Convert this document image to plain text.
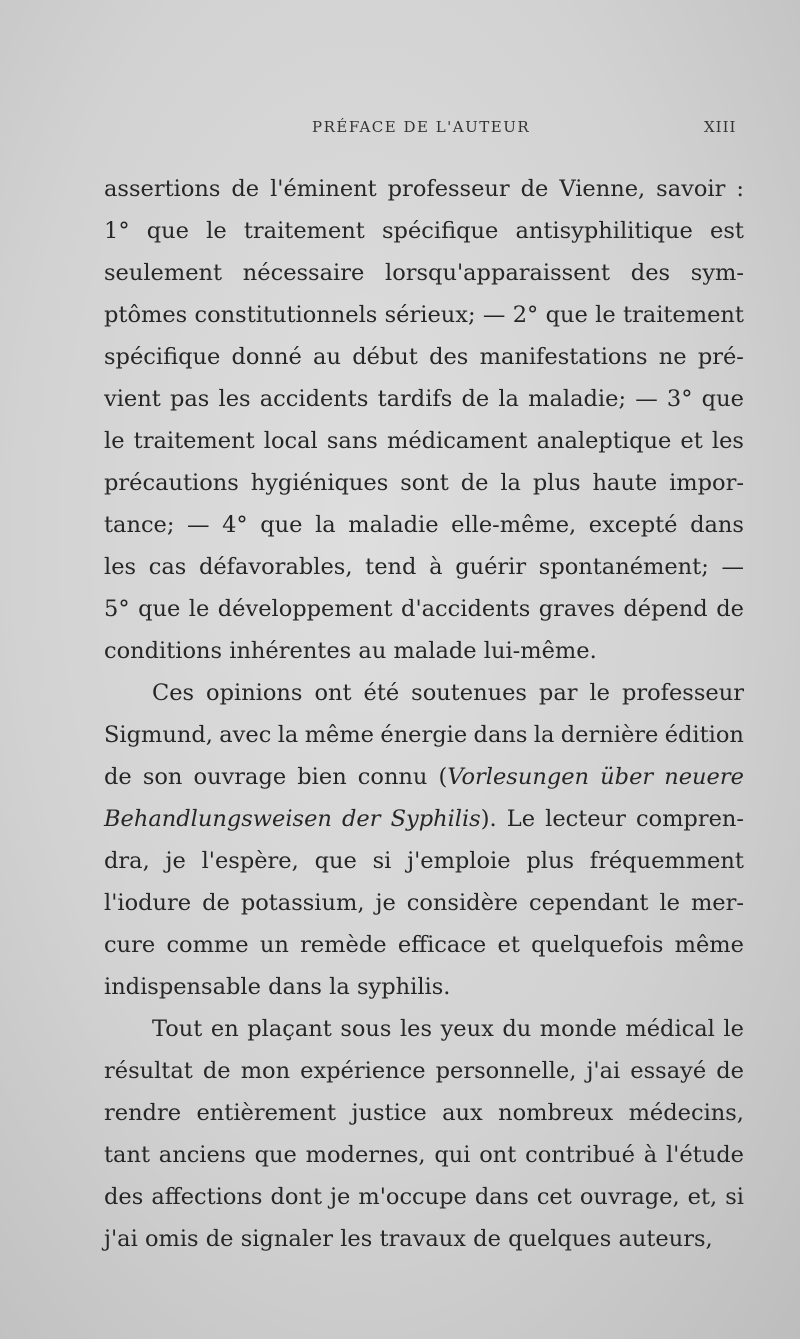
PRÉFACE DE L'AUTEUR	XIII
assertions de l'éminent professeur de Vienne, savoir :
1° que le traitement spécifique antisyphilitique est
seulement nécessaire lorsqu'apparaissent des sym-
ptômes constitutionnels sérieux; — 2° que le traitement
spécifique donné au début des manifestations ne pré-
vient pas les accidents tardifs de la maladie; — 3° que
le traitement local sans médicament analeptique et les
précautions hygiéniques sont de la plus haute impor-
tance; — 4° que la maladie elle-même, excepté dans
les cas défavorables, tend à guérir spontanément; —
5° que le développement d'accidents graves dépend de
conditions inhérentes au malade lui-même.
Ces opinions ont été soutenues par le professeur
Sigmund, avec la même énergie dans la dernière édition
de son ouvrage bien connu (Vorlesungen über neuere
Behandlungsweisen der Syphilis). Le lecteur compren-
dra, je l'espère, que si j'emploie plus fréquemment
l'iodure de potassium, je considère cependant le mer-
cure comme un remède efficace et quelquefois même
indispensable dans la syphilis.
Tout en plaçant sous les yeux du monde médical le
résultat de mon expérience personnelle, j'ai essayé de
rendre entièrement justice aux nombreux médecins,
tant anciens que modernes, qui ont contribué à l'étude
des affections dont je m'occupe dans cet ouvrage, et, si
j'ai omis de signaler les travaux de quelques auteurs,
